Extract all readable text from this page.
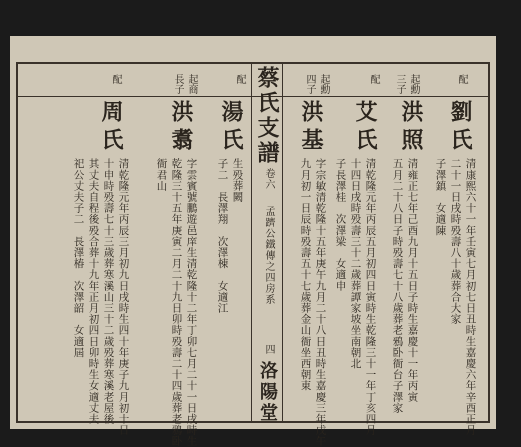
蔡氏支譜
卷六
孟躋公鐵傳之四房系
四
洛陽堂
配
劉氏
清康熙六十一年壬寅七月初七日丑時生嘉慶六年辛酉正月
二十一日戌時殁壽八十歲葬合大家
子澤鎮　女適陳
起勳
三子
洪照
清雍正七年己酉九月十五日子時生嘉慶十一年丙寅
五月二十八日子時殁壽七十八歲葬老鴉卧衙台子澤家
配
艾氏
清乾隆元年丙辰五月初四日寅時生乾隆三十一年丁亥四月
十四日戌時殁壽三十二歲葬譚家坡坐南朝北
子長澤桂　次澤梁　女適申
起勳
四子
洪基
字宗敏清乾隆十五年庚午九月二十八日丑時生嘉慶三年戊午
九月初一日辰時殁壽五十七歲葬金山衙坐西朝東
配
湯氏
生殁葬闕
子二　長澤翔　次澤棟　女適江
起商
長子
洪翥
字雲賓號鵬遊邑庠生清乾隆十二年丁卯七月二十一日戌時生
乾隆三十五年庚寅二月二十九日卯時殁壽二十四歲葬老鴉卧
衙君山
配
周氏
清乾隆元年丙辰三月初九日戌時生四十年庚子九月初十日
十申時殁壽七十三歲葬寒溪山三十二歲殁葬寒溪老屋後
其丈夫自程後殁合葬十九年正月初四日卯時生女適丈夫
祀公丈夫子二　長澤椿　次澤韶　女適屆
